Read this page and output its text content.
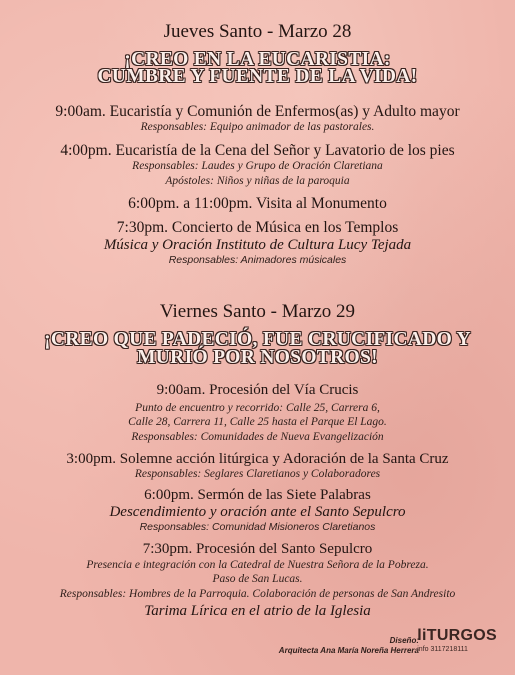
Jueves Santo - Marzo 28
¡CREO EN LA EUCARISTIA:
CUMBRE Y FUENTE DE LA VIDA!
9:00am. Eucaristía y Comunión de Enfermos(as) y Adulto mayor
Responsables: Equipo animador de las pastorales.
4:00pm. Eucaristía de la Cena del Señor y Lavatorio de los pies
Responsables: Laudes y Grupo de Oración Claretiana
Apóstoles: Niños y niñas de la paroquia
6:00pm. a 11:00pm. Visita al Monumento
7:30pm. Concierto de Música en los Templos
Música y Oración Instituto de Cultura Lucy Tejada
Responsables: Animadores músicales
Viernes Santo - Marzo 29
¡CREO QUE PADECIÓ, FUE CRUCIFICADO Y
MURIÓ POR NOSOTROS!
9:00am. Procesión del Vía Crucis
Punto de encuentro y recorrido: Calle 25, Carrera 6,
Calle 28, Carrera 11, Calle 25 hasta el Parque El Lago.
Responsables: Comunidades de Nueva Evangelización
3:00pm. Solemne acción litúrgica y Adoración de la Santa Cruz
Responsables: Seglares Claretianos y Colaboradores
6:00pm. Sermón de las Siete Palabras
Descendimiento y oración ante el Santo Sepulcro
Responsables: Comunidad Misioneros Claretianos
7:30pm. Procesión del Santo Sepulcro
Presencia e integración con la Catedral de Nuestra Señora de la Pobreza.
Paso de San Lucas.
Responsables: Hombres de la Parroquia. Colaboración de personas de San Andresito
Tarima Lírica en el atrio de la Iglesia
Diseño:
Arquitecta Ana María Noreña Herrera
liTURGOS
info 3117218111
